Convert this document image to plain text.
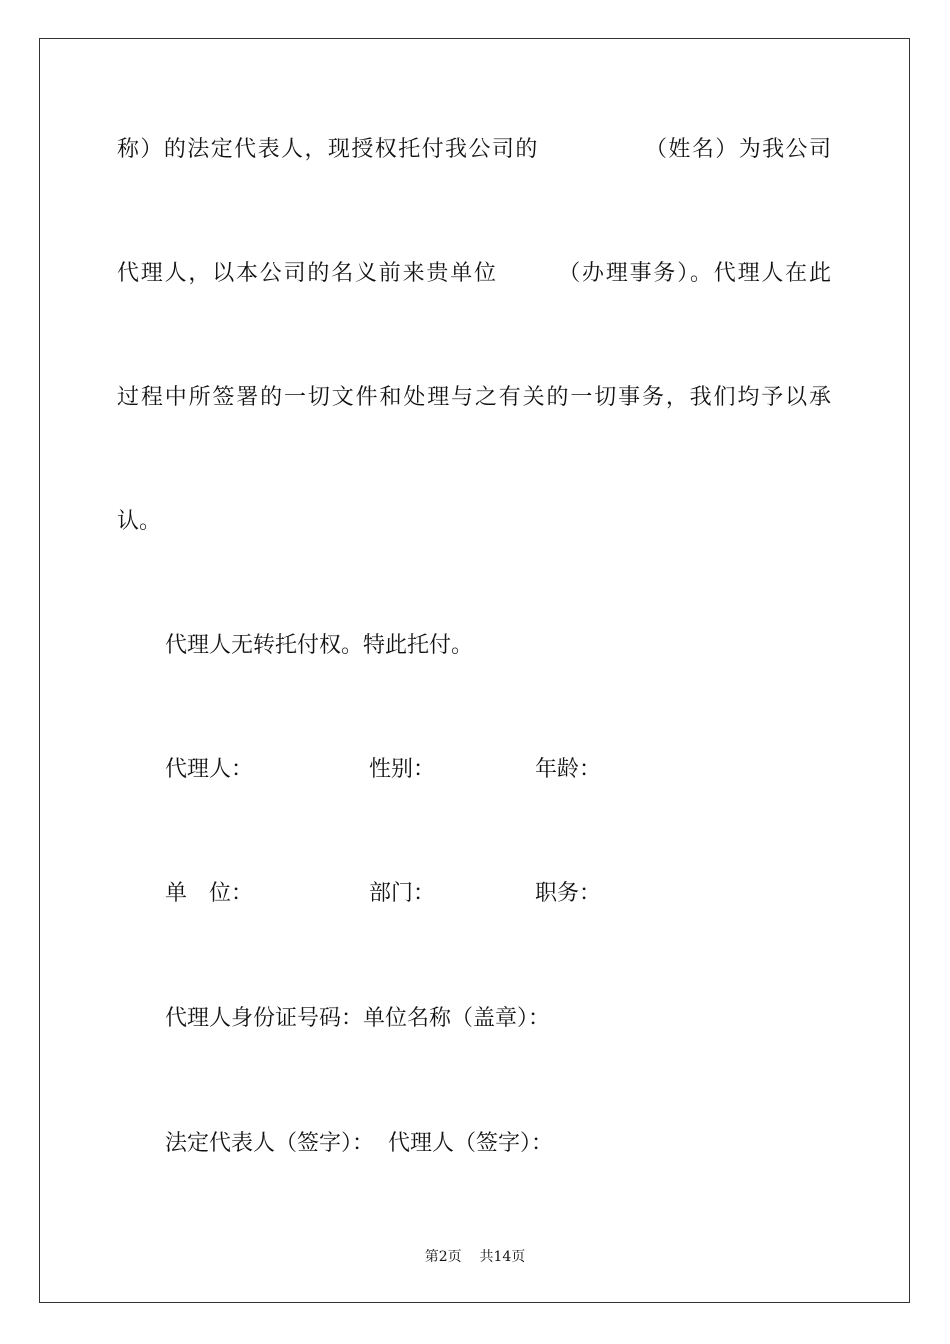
称）的法定代表人，现授权托付我公司的　　　　　（姓名）为我公司
代理人，以本公司的名义前来贵单位　　　（办理事务）。代理人在此
过程中所签署的一切文件和处理与之有关的一切事务，我们均予以承
认。
代理人无转托付权。特此托付。
代理人：	性别：	年龄：
单　位：	部门：	职务：
代理人身份证号码：单位名称（盖章）：
法定代表人（签字）：  代理人（签字）：
第2页 共14页
